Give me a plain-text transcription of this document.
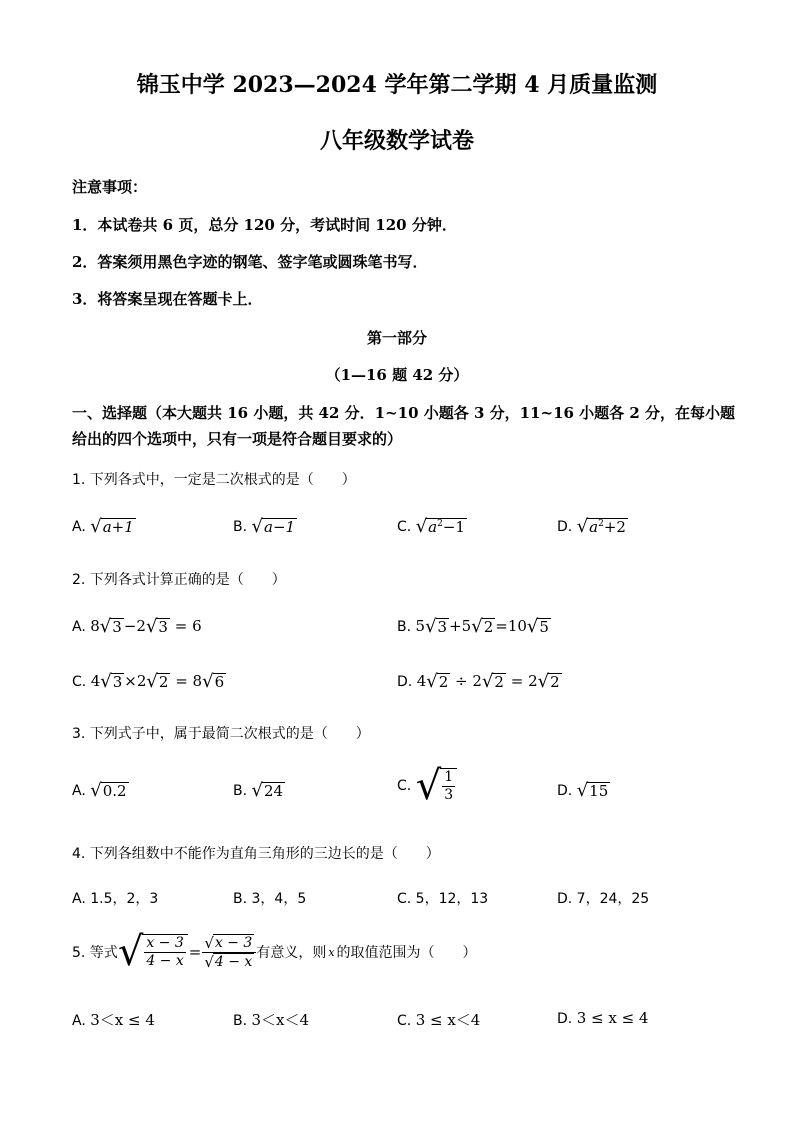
锦玉中学 2023—2024 学年第二学期 4 月质量监测
八年级数学试卷
注意事项：
1．本试卷共 6 页，总分 120 分，考试时间 120 分钟．
2．答案须用黑色字迹的钢笔、签字笔或圆珠笔书写．
3．将答案呈现在答题卡上．
第一部分
（1—16 题 42 分）
一、选择题（本大题共 16 小题，共 42 分．1~10 小题各 3 分，11~16 小题各 2 分，在每小题
给出的四个选项中，只有一项是符合题目要求的）
1. 下列各式中，一定是二次根式的是（　　）
A. √ a+1	B. √ a−1	C. √ $a^2-1$	D. √ $a^2+2$
2. 下列各式计算正确的是（　　）
A. 8 √ 3 −2 √ 3 = 6	B. 5 √ 3 +5 √ 2 =10 √ 5
C. 4 √ 3 ×2 √ 2 = 8 √ 6	D. 4 √ 2 ÷ 2 √ 2 = 2 √ 2
3. 下列式子中，属于最简二次根式的是（　　）
A. √ 0.2	B. √ 24	C. √ $\frac{1}{3}$	D. √ 15
4. 下列各组数中不能作为直角三角形的三边长的是（　　）
A. 1.5，2，3	B. 3，4，5	C. 5，12，13	D. 7，24，25
5. 等式 √ $\frac{x - 3}{4 - x} = \frac{√ x - 3}{√ 4 - x}$ 有意义，则 x 的取值范围为（　　）
A. 3＜x ≤ 4	B. 3＜x＜4	C. 3 ≤ x＜4	D. 3 ≤ x ≤ 4
